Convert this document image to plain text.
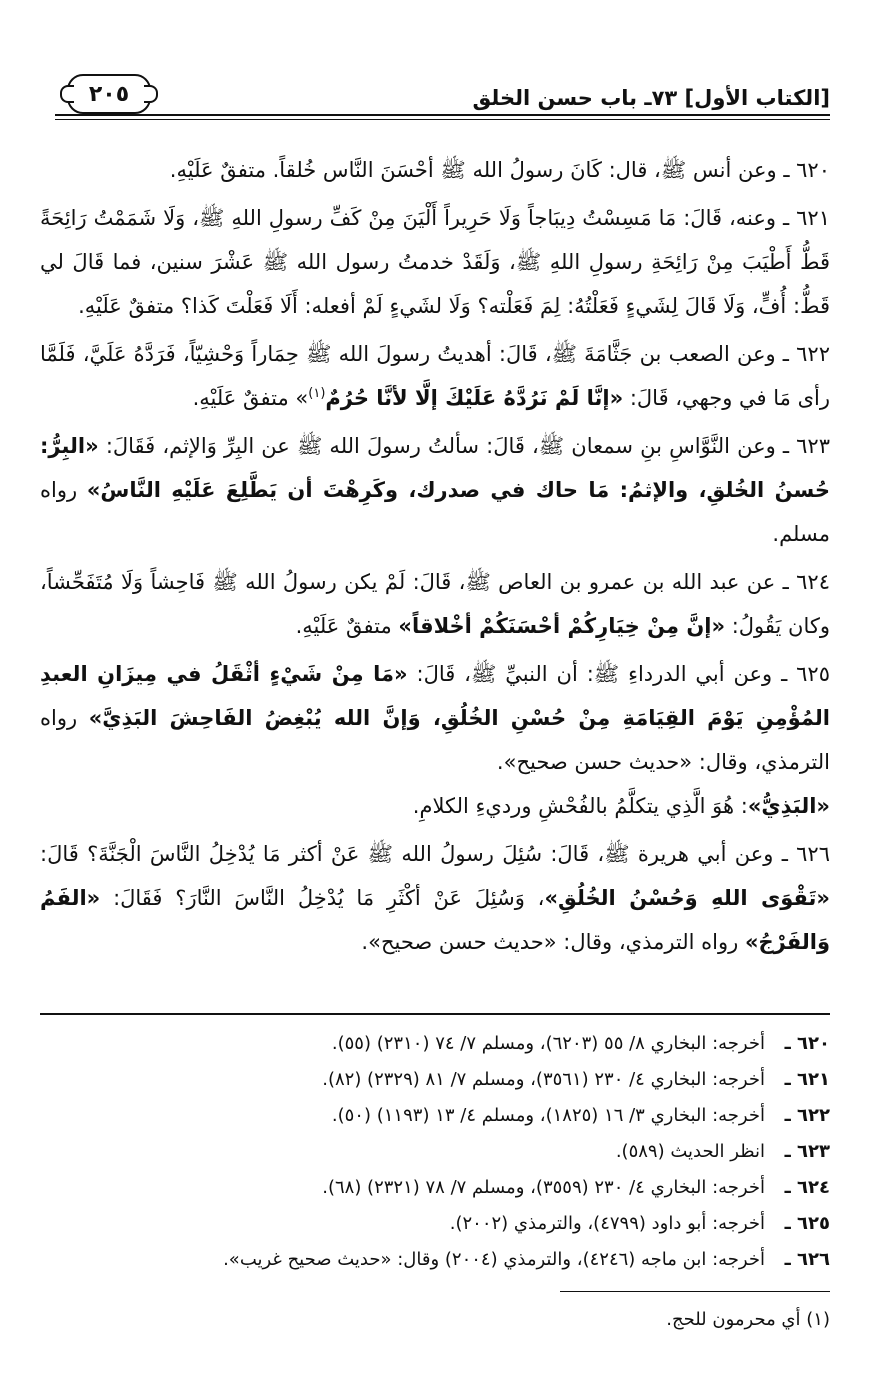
[الكتاب الأول] ٧٣ـ باب حسن الخلق
٢٠٥

٦٢٠ ـ وعن أنس ﷺ، قال: كَانَ رسولُ الله ﷺ أحْسَنَ النَّاس خُلقاً. متفقٌ عَلَيْهِ.

٦٢١ ـ وعنه، قَالَ: مَا مَسِسْتُ دِيبَاجاً وَلَا حَرِيراً أَلْيَنَ مِنْ كَفِّ رسولِ اللهِ ﷺ، وَلَا شَمَمْتُ رَائِحَةً قَطُّ أَطْيَبَ مِنْ رَائِحَةِ رسولِ اللهِ ﷺ، وَلَقَدْ خدمتُ رسول الله ﷺ عَشْرَ سنين، فما قَالَ لي قَطُّ: أُفٍّ، وَلَا قَالَ لِشَيءٍ فَعَلْتُهُ: لِمَ فَعَلْته؟ وَلَا لشَيءٍ لَمْ أفعله: أَلَا فَعَلْتَ كَذا؟ متفقٌ عَلَيْهِ.

٦٢٢ ـ وعن الصعب بن جَثَّامَةَ ﷺ، قَالَ: أهديتُ رسولَ الله ﷺ حِمَاراً وَحْشِيّاً، فَرَدَّهُ عَلَيَّ، فَلَمَّا رأى مَا في وجهي، قَالَ: «إنَّا لَمْ نَرُدَّهُ عَلَيْكَ إلَّا لأنَّا حُرُمٌ$^{(١)}$» متفقٌ عَلَيْهِ.

٦٢٣ ـ وعن النَّوَّاسِ بنِ سمعان ﷺ، قَالَ: سألتُ رسولَ الله ﷺ عن البِرِّ وَالإثم، فَقَالَ: «البِرُّ: حُسنُ الخُلقِ، والإثمُ: مَا حاك في صدرك، وكَرِهْتَ أن يَطَّلِعَ عَلَيْهِ النَّاسُ» رواه مسلم.

٦٢٤ ـ عن عبد الله بن عمرو بن العاص ﷺ، قَالَ: لَمْ يكن رسولُ الله ﷺ فَاحِشاً وَلَا مُتَفَحِّشاً، وكان يَقُولُ: «إنَّ مِنْ خِيَارِكُمْ أحْسَنَكُمْ أخْلاقاً» متفقٌ عَلَيْهِ.

٦٢٥ ـ وعن أبي الدرداءِ ﷺ: أن النبيِّ ﷺ، قَالَ: «مَا مِنْ شَيْءٍ أثْقَلُ في مِيزَانِ العبدِ المُؤْمِنِ يَوْمَ القِيَامَةِ مِنْ حُسْنِ الخُلُقِ، وَإنَّ الله يُبْغِضُ الفَاحِشَ البَذِيَّ» رواه الترمذي، وقال: «حديث حسن صحيح».

«البَذِيُّ»: هُوَ الَّذِي يتكلَّمُ بالفُحْشِ ورديءِ الكلامِ.

٦٢٦ ـ وعن أبي هريرة ﷺ، قَالَ: سُئِلَ رسولُ الله ﷺ عَنْ أكثر مَا يُدْخِلُ النَّاسَ الْجَنَّةَ؟ قَالَ: «تَقْوَى اللهِ وَحُسْنُ الخُلُقِ»، وَسُئِلَ عَنْ أكْثَرِ مَا يُدْخِلُ النَّاسَ النَّارَ؟ فَقَالَ: «الفَمُ وَالفَرْجُ» رواه الترمذي، وقال: «حديث حسن صحيح».

٦٢٠ ـ
أخرجه: البخاري ٨/ ٥٥ (٦٢٠٣)، ومسلم ٧/ ٧٤ (٢٣١٠) (٥٥).
٦٢١ ـ
أخرجه: البخاري ٤/ ٢٣٠ (٣٥٦١)، ومسلم ٧/ ٨١ (٢٣٢٩) (٨٢).
٦٢٢ ـ
أخرجه: البخاري ٣/ ١٦ (١٨٢٥)، ومسلم ٤/ ١٣ (١١٩٣) (٥٠).
٦٢٣ ـ
انظر الحديث (٥٨٩).
٦٢٤ ـ
أخرجه: البخاري ٤/ ٢٣٠ (٣٥٥٩)، ومسلم ٧/ ٧٨ (٢٣٢١) (٦٨).
٦٢٥ ـ
أخرجه: أبو داود (٤٧٩٩)، والترمذي (٢٠٠٢).
٦٢٦ ـ
أخرجه: ابن ماجه (٤٢٤٦)، والترمذي (٢٠٠٤) وقال: «حديث صحيح غريب».
(١) أي محرمون للحج.
